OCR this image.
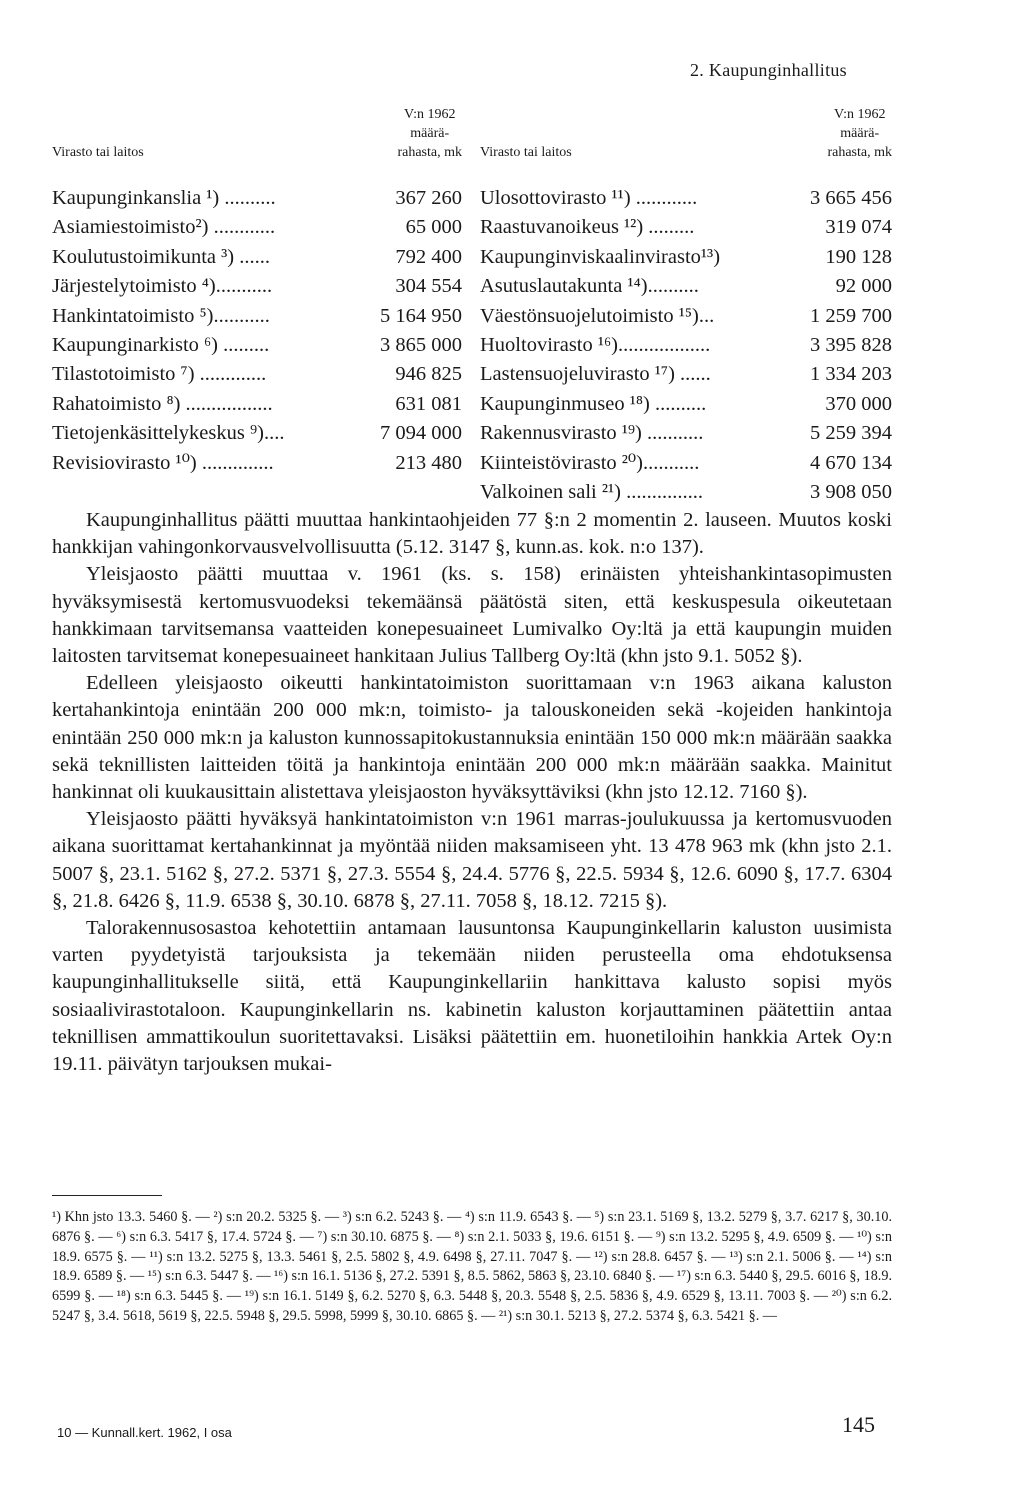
2. Kaupunginhallitus
Virasto tai laitos
V:n 1962
määrä-
rahasta, mk
Kaupunginkanslia ¹) ..........	367 260
Asiamiestoimisto²) ............	65 000
Koulutustoimikunta ³) ......	792 400
Järjestelytoimisto ⁴)...........	304 554
Hankintatoimisto ⁵)...........	5 164 950
Kaupunginarkisto ⁶) .........	3 865 000
Tilastotoimisto ⁷) .............	946 825
Rahatoimisto ⁸) .................	631 081
Tietojenkäsittelykeskus ⁹)....	7 094 000
Revisiovirasto ¹⁰) ..............	213 480
Virasto tai laitos
V:n 1962
määrä-
rahasta, mk
Ulosottovirasto ¹¹) ............	3 665 456
Raastuvanoikeus ¹²) .........	319 074
Kaupunginviskaalinvirasto¹³)	190 128
Asutuslautakunta ¹⁴)..........	92 000
Väestönsuojelutoimisto ¹⁵)...	1 259 700
Huoltovirasto ¹⁶)..................	3 395 828
Lastensuojeluvirasto ¹⁷) ......	1 334 203
Kaupunginmuseo ¹⁸) ..........	370 000
Rakennusvirasto ¹⁹) ...........	5 259 394
Kiinteistövirasto ²⁰)...........	4 670 134
Valkoinen sali ²¹) ...............	3 908 050

Kaupunginhallitus päätti muuttaa hankintaohjeiden 77 §:n 2 momentin 2. lauseen. Muutos koski hankkijan vahingonkorvausvelvollisuutta (5.12. 3147 §, kunn.as. kok. n:o 137).

Yleisjaosto päätti muuttaa v. 1961 (ks. s. 158) erinäisten yhteishankintasopimusten hyväksymisestä kertomusvuodeksi tekemäänsä päätöstä siten, että keskuspesula oikeutetaan hankkimaan tarvitsemansa vaatteiden konepesuaineet Lumivalko Oy:ltä ja että kaupungin muiden laitosten tarvitsemat konepesuaineet hankitaan Julius Tallberg Oy:ltä (khn jsto 9.1. 5052 §).

Edelleen yleisjaosto oikeutti hankintatoimiston suorittamaan v:n 1963 aikana kaluston kertahankintoja enintään 200 000 mk:n, toimisto- ja talouskoneiden sekä -kojeiden hankintoja enintään 250 000 mk:n ja kaluston kunnossapitokustannuksia enintään 150 000 mk:n määrään saakka sekä teknillisten laitteiden töitä ja hankintoja enintään 200 000 mk:n määrään saakka. Mainitut hankinnat oli kuukausittain alistettava yleisjaoston hyväksyttäviksi (khn jsto 12.12. 7160 §).

Yleisjaosto päätti hyväksyä hankintatoimiston v:n 1961 marras-joulukuussa ja kertomusvuoden aikana suorittamat kertahankinnat ja myöntää niiden maksamiseen yht. 13 478 963 mk (khn jsto 2.1. 5007 §, 23.1. 5162 §, 27.2. 5371 §, 27.3. 5554 §, 24.4. 5776 §, 22.5. 5934 §, 12.6. 6090 §, 17.7. 6304 §, 21.8. 6426 §, 11.9. 6538 §, 30.10. 6878 §, 27.11. 7058 §, 18.12. 7215 §).

Talorakennusosastoa kehotettiin antamaan lausuntonsa Kaupunginkellarin kaluston uusimista varten pyydetyistä tarjouksista ja tekemään niiden perusteella oma ehdotuksensa kaupunginhallitukselle siitä, että Kaupunginkellariin hankittava kalusto sopisi myös sosiaalivirastotaloon. Kaupunginkellarin ns. kabinetin kaluston korjauttaminen päätettiin antaa teknillisen ammattikoulun suoritettavaksi. Lisäksi päätettiin em. huonetiloihin hankkia Artek Oy:n 19.11. päivätyn tarjouksen mukai-

¹) Khn jsto 13.3. 5460 §. — ²) s:n 20.2. 5325 §. — ³) s:n 6.2. 5243 §. — ⁴) s:n 11.9. 6543 §. — ⁵) s:n 23.1. 5169 §, 13.2. 5279 §, 3.7. 6217 §, 30.10. 6876 §. — ⁶) s:n 6.3. 5417 §, 17.4. 5724 §. — ⁷) s:n 30.10. 6875 §. — ⁸) s:n 2.1. 5033 §, 19.6. 6151 §. — ⁹) s:n 13.2. 5295 §, 4.9. 6509 §. — ¹⁰) s:n 18.9. 6575 §. — ¹¹) s:n 13.2. 5275 §, 13.3. 5461 §, 2.5. 5802 §, 4.9. 6498 §, 27.11. 7047 §. — ¹²) s:n 28.8. 6457 §. — ¹³) s:n 2.1. 5006 §. — ¹⁴) s:n 18.9. 6589 §. — ¹⁵) s:n 6.3. 5447 §. — ¹⁶) s:n 16.1. 5136 §, 27.2. 5391 §, 8.5. 5862, 5863 §, 23.10. 6840 §. — ¹⁷) s:n 6.3. 5440 §, 29.5. 6016 §, 18.9. 6599 §. — ¹⁸) s:n 6.3. 5445 §. — ¹⁹) s:n 16.1. 5149 §, 6.2. 5270 §, 6.3. 5448 §, 20.3. 5548 §, 2.5. 5836 §, 4.9. 6529 §, 13.11. 7003 §. — ²⁰) s:n 6.2. 5247 §, 3.4. 5618, 5619 §, 22.5. 5948 §, 29.5. 5998, 5999 §, 30.10. 6865 §. — ²¹) s:n 30.1. 5213 §, 27.2. 5374 §, 6.3. 5421 §. —
10 — Kunnall.kert. 1962, I osa	145
